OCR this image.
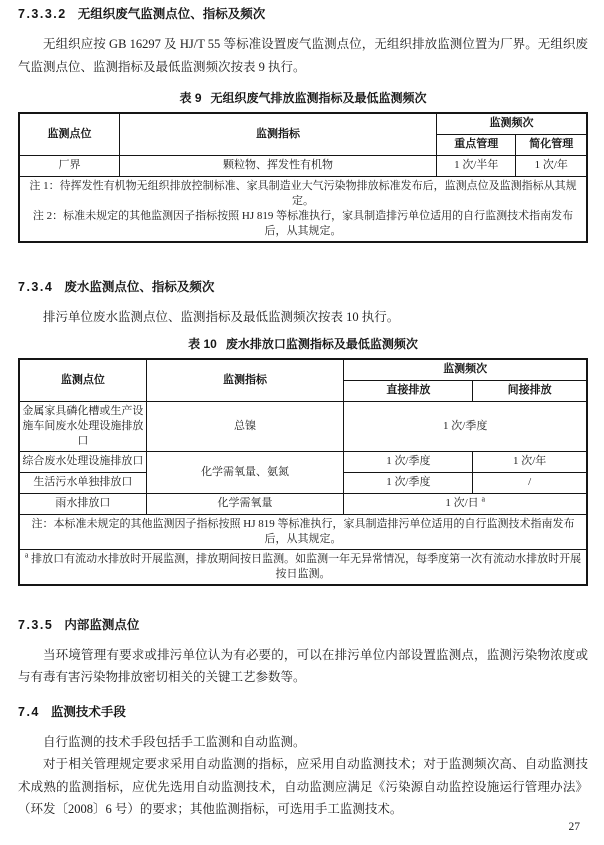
7.3.3.2 无组织废气监测点位、指标及频次

无组织应按 GB 16297 及 HJ/T 55 等标准设置废气监测点位，无组织排放监测位置为厂界。无组织废气监测点位、监测指标及最低监测频次按表 9 执行。

表 9 无组织废气排放监测指标及最低监测频次

监测点位	监测指标	监测频次	
		重点管理	简化管理
厂界	颗粒物、挥发性有机物	1 次/半年	1 次/年

注 1：待挥发性有机物无组织排放控制标准、家具制造业大气污染物排放标准发布后，监测点位及监测指标从其规定。

注 2：标准未规定的其他监测因子指标按照 HJ 819 等标准执行，家具制造排污单位适用的自行监测技术指南发布后，从其规定。			

7.3.4 废水监测点位、指标及频次

排污单位废水监测点位、监测指标及最低监测频次按表 10 执行。

表 10 废水排放口监测指标及最低监测频次

监测点位	监测指标	监测频次	
		直接排放	间接排放
金属家具磷化槽或生产设施车间废水处理设施排放口	总镍	1 次/季度	
综合废水处理设施排放口	化学需氧量、氨氮	1 次/季度	1 次/年
生活污水单独排放口		1 次/季度	/
雨水排放口	化学需氧量	1 次/日 $^a$

注：本标准未规定的其他监测因子指标按照 HJ 819 等标准执行，家具制造排污单位适用的自行监测技术指南发布后，从其规定。			

$^a$ 排放口有流动水排放时开展监测，排放期间按日监测。如监测一年无异常情况，每季度第一次有流动水排放时开展按日监测。			

7.3.5 内部监测点位

当环境管理有要求或排污单位认为有必要的，可以在排污单位内部设置监测点，监测污染物浓度或与有毒有害污染物排放密切相关的关键工艺参数等。

7.4 监测技术手段

自行监测的技术手段包括手工监测和自动监测。

对于相关管理规定要求采用自动监测的指标，应采用自动监测技术；对于监测频次高、自动监测技术成熟的监测指标，应优先选用自动监测技术，自动监测应满足《污染源自动监控设施运行管理办法》（环发〔2008〕6 号）的要求；其他监测指标，可选用手工监测技术。

27
